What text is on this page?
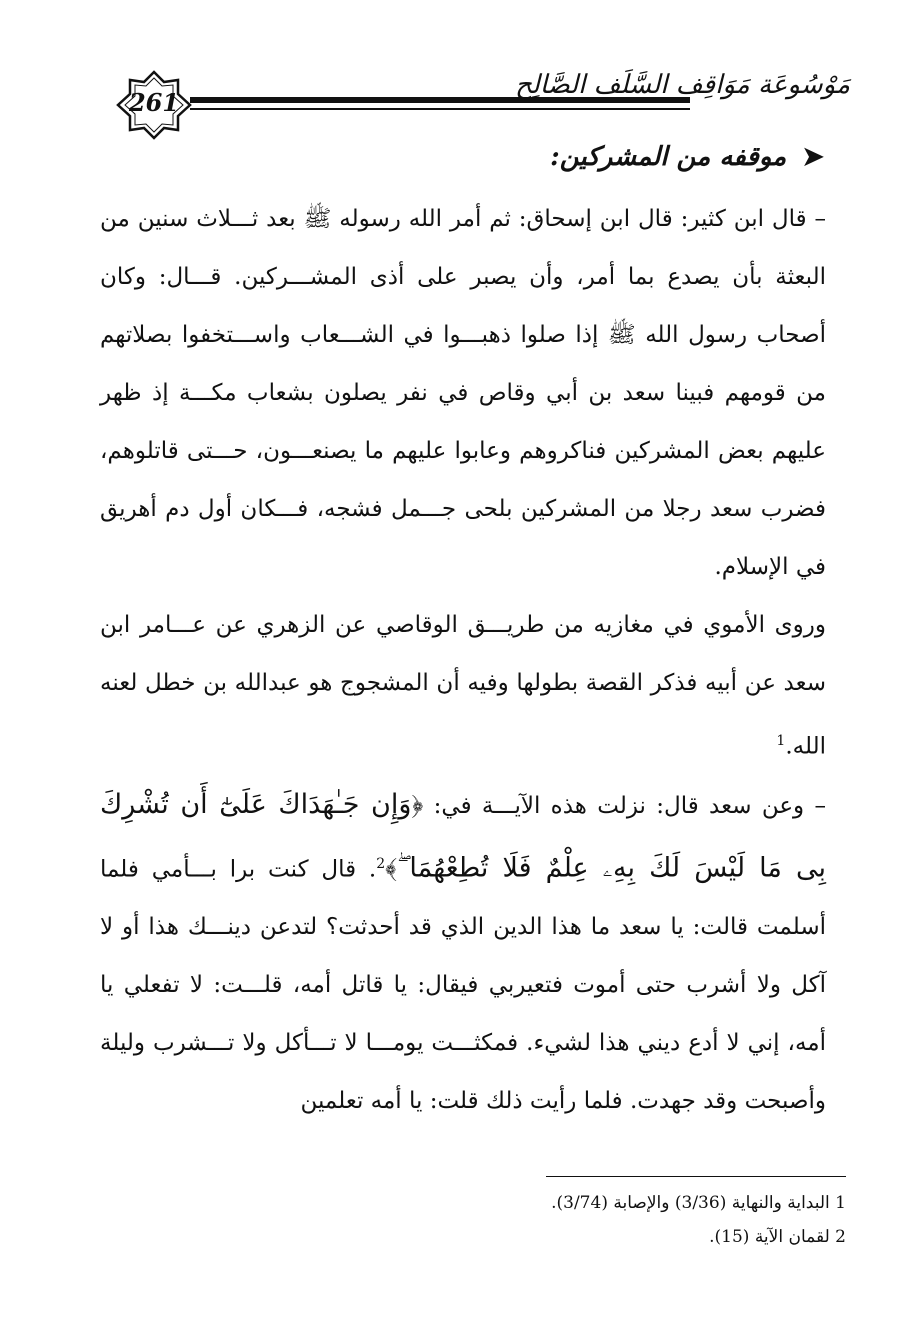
261
مَوْسُوعَة مَوَاقِف السَّلَف الصَّالِح
➤موقفه من المشركين:

– قال ابن كثير: قال ابن إسحاق: ثم أمر الله رسوله ﷺ بعد ثـــلاث سنين من البعثة بأن يصدع بما أمر، وأن يصبر على أذى المشـــركين. قـــال: وكان أصحاب رسول الله ﷺ إذا صلوا ذهبـــوا في الشـــعاب واســـتخفوا بصلاتهم من قومهم فبينا سعد بن أبي وقاص في نفر يصلون بشعاب مكـــة إذ ظهر عليهم بعض المشركين فناكروهم وعابوا عليهم ما يصنعـــون، حـــتى قاتلوهم، فضرب سعد رجلا من المشركين بلحى جـــمل فشجه، فـــكان أول دم أهريق في الإسلام.

وروى الأموي في مغازيه من طريـــق الوقاصي عن الزهري عن عـــامر ابن سعد عن أبيه فذكر القصة بطولها وفيه أن المشجوج هو عبدالله بن خطل لعنه الله.$^1$

– وعن سعد قال: نزلت هذه الآيـــة في: ﴿وَإِن جَـٰهَدَاكَ عَلَىٰٓ أَن تُشْرِكَ بِى مَا لَيْسَ لَكَ بِهِۦ عِلْمٌ فَلَا تُطِعْهُمَا ۖ﴾$^2$. قال كنت برا بـــأمي فلما أسلمت قالت: يا سعد ما هذا الدين الذي قد أحدثت؟ لتدعن دينـــك هذا أو لا آكل ولا أشرب حتى أموت فتعيربي فيقال: يا قاتل أمه، قلـــت: لا تفعلي يا أمه، إني لا أدع ديني هذا لشيء. فمكثـــت يومـــا لا تـــأكل ولا تـــشرب وليلة وأصبحت وقد جهدت. فلما رأيت ذلك قلت: يا أمه تعلمين

1 البداية والنهاية (3/36) والإصابة (3/74).

2 لقمان الآية (15).
